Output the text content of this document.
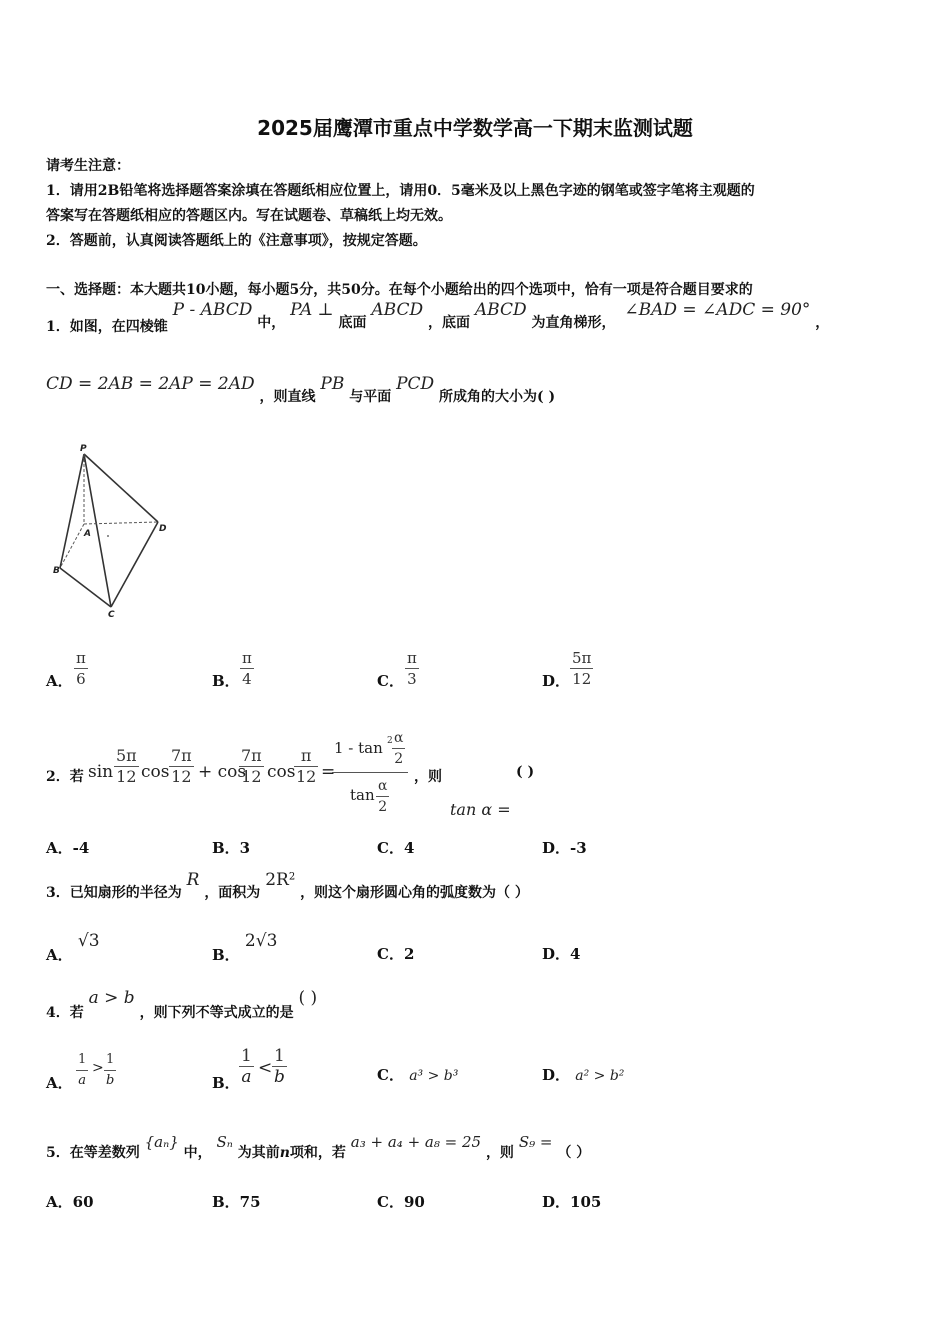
2025届鹰潭市重点中学数学高一下期末监测试题
请考生注意：
1．请用2B铅笔将选择题答案涂填在答题纸相应位置上，请用0．5毫米及以上黑色字迹的钢笔或签字笔将主观题的
答案写在答题纸相应的答题区内。写在试题卷、草稿纸上均无效。
2．答题前，认真阅读答题纸上的《注意事项》，按规定答题。
一、选择题：本大题共10小题，每小题5分，共50分。在每个小题给出的四个选项中，恰有一项是符合题目要求的
1．如图，在四棱锥 P - ABCD 中， PA ⊥ 底面 ABCD ，底面 ABCD 为直角梯形， ∠BAD = ∠ADC = 90° ，
CD = 2AB = 2AP = 2AD ，则直线 PB 与平面 PCD 所成角的大小为( )
P
A
B
C
D
A． $\frac{\pi}{6}$	B． $\frac{\pi}{4}$	C． $\frac{\pi}{3}$	D． $\frac{5\pi}{12}$
2．若 $\sin \frac{5\pi}{12}$ $\cos \frac{7\pi}{12} + \cos$
$\frac{7\pi}{12}$ cos
$\frac{\pi}{12}$ =
$1 - \tan 2 \frac{\alpha}{2}$
$\tan \frac{\alpha}{2}$ ，则	( )
tan α =
A．-4	B．3	C．4	D．-3
3．已知扇形的半径为 R ，面积为 $2R^2$ ，则这个扇形圆心角的弧度数为（ ）
A． √3
B． 2√3
C．2	D．4
4．若 a > b ，则下列不等式成立的是 ( )
A． $\frac{1}{a} > \frac{1}{b}$	B． $\frac{1}{a} < \frac{1}{b}$	C． a³ > b³	D． a² > b²
5．在等差数列 {aₙ} 中， Sₙ 为其前n项和，若 a₃ + a₄ + a₈ = 25 ，则 S₉ = （ ）
A．60	B．75	C．90	D．105
